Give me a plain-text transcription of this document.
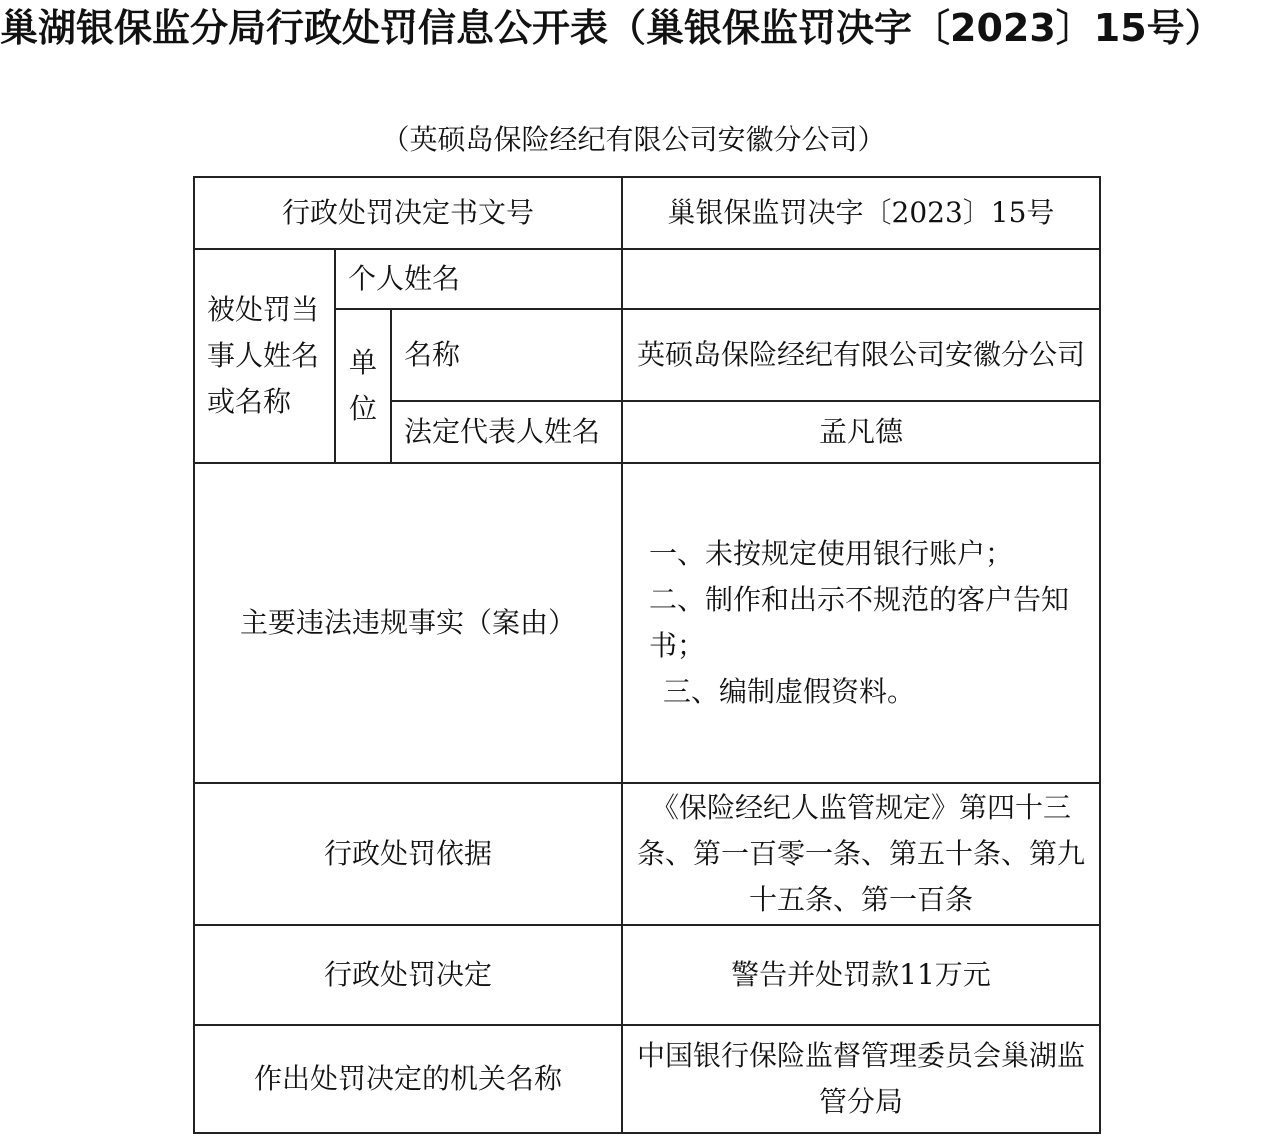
巢湖银保监分局行政处罚信息公开表（巢银保监罚决字〔2023〕15号）
（英硕岛保险经纪有限公司安徽分公司）
行政处罚决定书文号			巢银保监罚决字〔2023〕15号
被处罚当事人姓名或名称	个人姓名		
	单位	名称	英硕岛保险经纪有限公司安徽分公司
		法定代表人姓名	孟凡德
主要违法违规事实（案由）			一、未按规定使用银行账户；
二、制作和出示不规范的客户告知书；
三、编制虚假资料。

行政处罚依据			《保险经纪人监管规定》第四十三条、第一百零一条、第五十条、第九十五条、第一百条
行政处罚决定			警告并处罚款11万元
作出处罚决定的机关名称			中国银行保险监督管理委员会巢湖监管分局
